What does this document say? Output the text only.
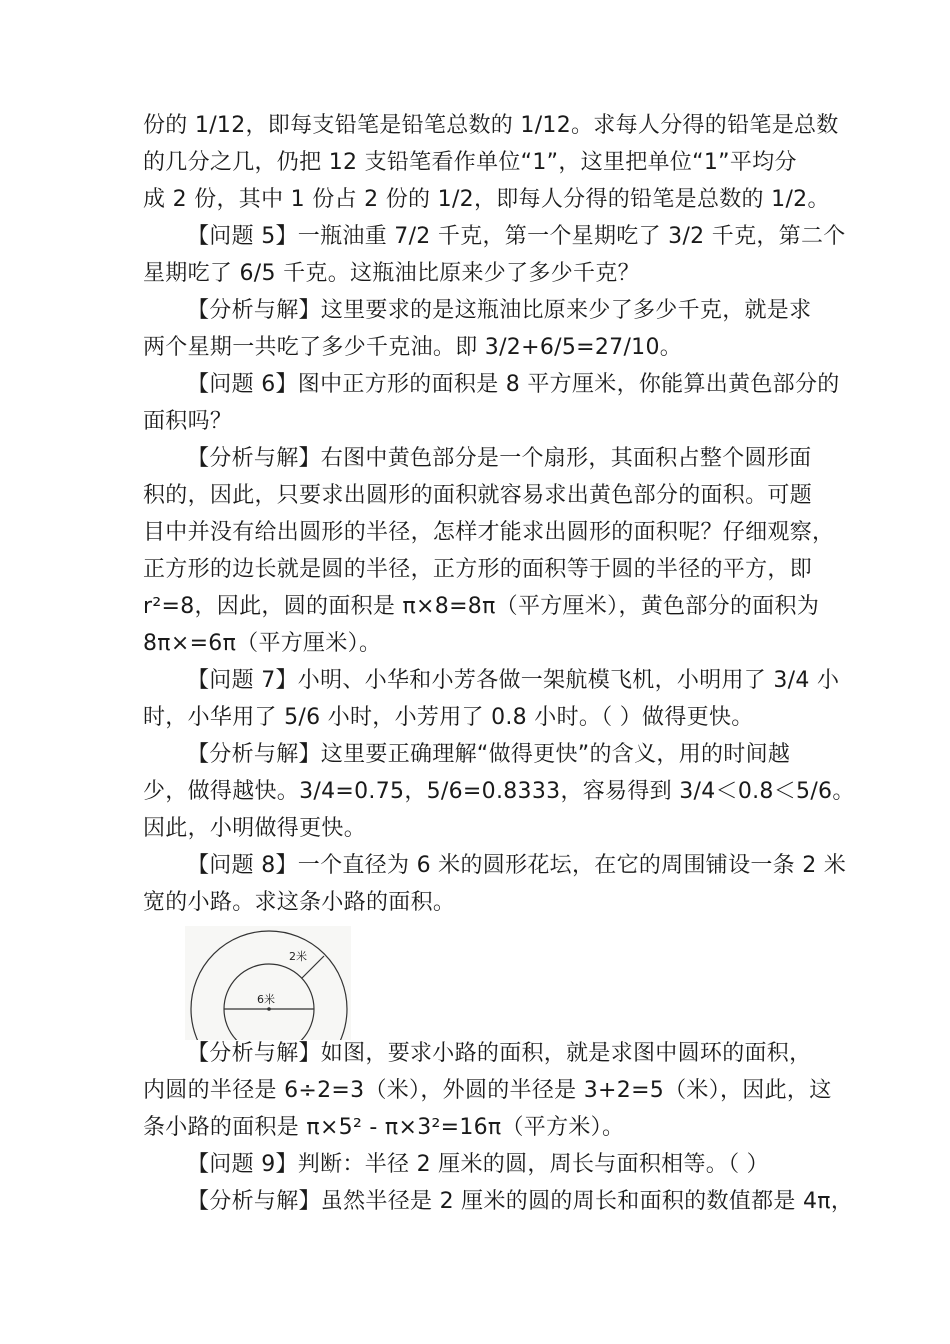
份的 1/12，即每支铅笔是铅笔总数的 1/12。求每人分得的铅笔是总数
的几分之几，仍把 12 支铅笔看作单位“1”，这里把单位“1”平均分
成 2 份，其中 1 份占 2 份的 1/2，即每人分得的铅笔是总数的 1/2。
【问题 5】一瓶油重 7/2 千克，第一个星期吃了 3/2 千克，第二个
星期吃了 6/5 千克。这瓶油比原来少了多少千克？
【分析与解】这里要求的是这瓶油比原来少了多少千克，就是求
两个星期一共吃了多少千克油。即 3/2+6/5=27/10。
【问题 6】图中正方形的面积是 8 平方厘米，你能算出黄色部分的
面积吗？
【分析与解】右图中黄色部分是一个扇形，其面积占整个圆形面
积的，因此，只要求出圆形的面积就容易求出黄色部分的面积。可题
目中并没有给出圆形的半径，怎样才能求出圆形的面积呢？仔细观察，
正方形的边长就是圆的半径，正方形的面积等于圆的半径的平方，即
r²=8，因此，圆的面积是 π×8=8π（平方厘米），黄色部分的面积为
8π×=6π（平方厘米）。
【问题 7】小明、小华和小芳各做一架航模飞机，小明用了 3/4 小
时，小华用了 5/6 小时，小芳用了 0.8 小时。（ ）做得更快。
【分析与解】这里要正确理解“做得更快”的含义，用的时间越
少，做得越快。3/4=0.75，5/6=0.8333，容易得到 3/4＜0.8＜5/6。
因此，小明做得更快。
【问题 8】一个直径为 6 米的圆形花坛，在它的周围铺设一条 2 米
宽的小路。求这条小路的面积。
2米
6米
【分析与解】如图，要求小路的面积，就是求图中圆环的面积，
内圆的半径是 6÷2=3（米），外圆的半径是 3+2=5（米），因此，这
条小路的面积是 π×5² - π×3²=16π（平方米）。
【问题 9】判断：半径 2 厘米的圆，周长与面积相等。（ ）
【分析与解】虽然半径是 2 厘米的圆的周长和面积的数值都是 4π，
